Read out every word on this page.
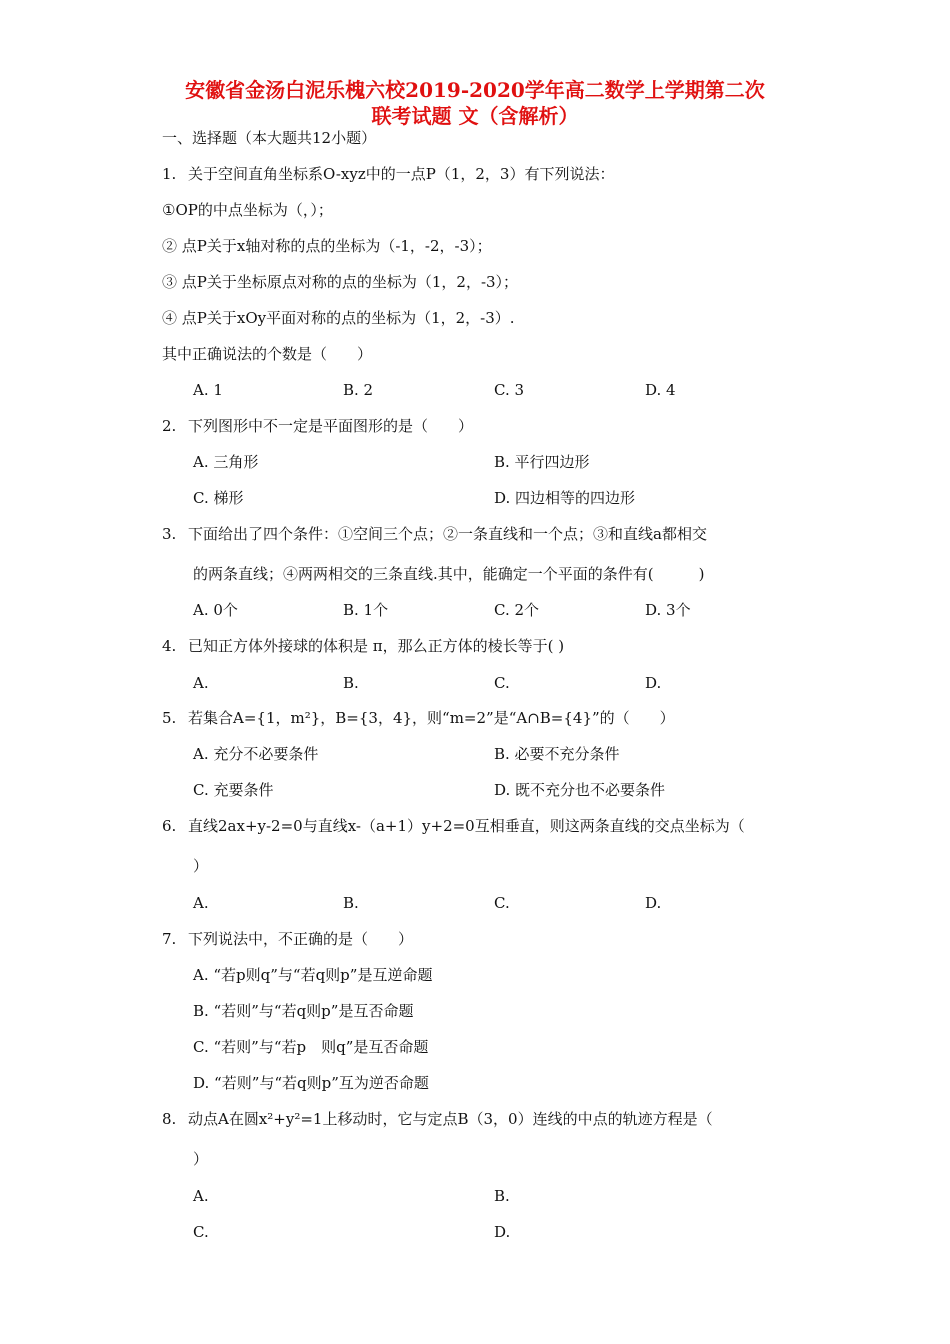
安徽省金汤白泥乐槐六校2019-2020学年高二数学上学期第二次
联考试题 文（含解析）
一、选择题（本大题共12小题）
1. 关于空间直角坐标系O-xyz中的一点P（1，2，3）有下列说法：
①OP的中点坐标为（，）；
② 点P关于x轴对称的点的坐标为（-1，-2，-3）；
③ 点P关于坐标原点对称的点的坐标为（1，2，-3）；
④ 点P关于xOy平面对称的点的坐标为（1，2，-3）.
其中正确说法的个数是（　　）
A. 1	B. 2	C. 3	D. 4
2. 下列图形中不一定是平面图形的是（　　）
A. 三角形	B. 平行四边形
C. 梯形	D. 四边相等的四边形
3. 下面给出了四个条件：①空间三个点；②一条直线和一个点；③和直线a都相交
的两条直线；④两两相交的三条直线.其中，能确定一个平面的条件有(　　　)
A. 0个	B. 1个	C. 2个	D. 3个
4. 已知正方体外接球的体积是 π，那么正方体的棱长等于( )
A.	B.	C.	D.
5. 若集合A={1，m²}，B={3，4}，则“m=2”是“A∩B={4}”的（　　）
A. 充分不必要条件	B. 必要不充分条件
C. 充要条件	D. 既不充分也不必要条件
6. 直线2ax+y-2=0与直线x-（a+1）y+2=0互相垂直，则这两条直线的交点坐标为（
）
A.	B.	C.	D.
7. 下列说法中，不正确的是（　　）
A. “若p则q”与“若q则p”是互逆命题
B. “若则”与“若q则p”是互否命题
C. “若则”与“若p　则q”是互否命题
D. “若则”与“若q则p”互为逆否命题
8. 动点A在圆x²+y²=1上移动时，它与定点B（3，0）连线的中点的轨迹方程是（
）
A.	B.
C.	D.
